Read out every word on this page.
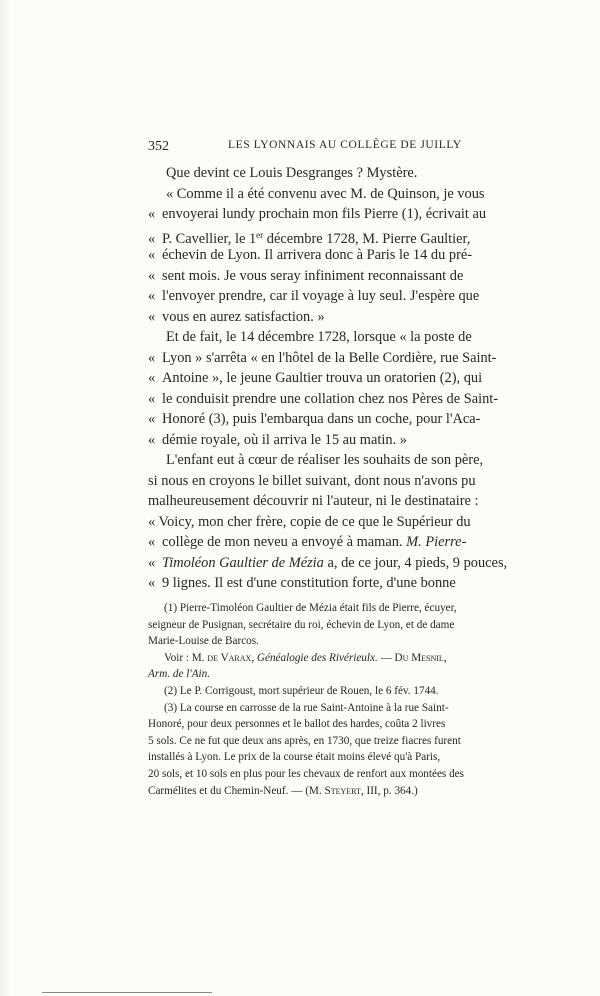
352	LES LYONNAIS AU COLLÈGE DE JUILLY
Que devint ce Louis Desgranges ? Mystère.
« Comme il a été convenu avec M. de Quinson, je vous
« envoyerai lundy prochain mon fils Pierre (1), écrivait au
« P. Cavellier, le 1er décembre 1728, M. Pierre Gaultier,
« échevin de Lyon. Il arrivera donc à Paris le 14 du pré-
« sent mois. Je vous seray infiniment reconnaissant de
« l'envoyer prendre, car il voyage à luy seul. J'espère que
« vous en aurez satisfaction. »
Et de fait, le 14 décembre 1728, lorsque « la poste de
« Lyon » s'arrêta « en l'hôtel de la Belle Cordière, rue Saint-
« Antoine », le jeune Gaultier trouva un oratorien (2), qui
« le conduisit prendre une collation chez nos Pères de Saint-
« Honoré (3), puis l'embarqua dans un coche, pour l'Aca-
« démie royale, où il arriva le 15 au matin. »
L'enfant eut à cœur de réaliser les souhaits de son père,
si nous en croyons le billet suivant, dont nous n'avons pu
malheureusement découvrir ni l'auteur, ni le destinataire :
« Voicy, mon cher frère, copie de ce que le Supérieur du
« collège de mon neveu a envoyé à maman. M. Pierre-
« Timoléon Gaultier de Mézia a, de ce jour, 4 pieds, 9 pouces,
« 9 lignes. Il est d'une constitution forte, d'une bonne
(1) Pierre-Timoléon Gaultier de Mézia était fils de Pierre, écuyer,
seigneur de Pusignan, secrétaire du roi, échevin de Lyon, et de dame
Marie-Louise de Barcos.
Voir : M. de Varax, Généalogie des Rivérieulx. — Du Mesnil,
Arm. de l'Ain.
(2) Le P. Corrigoust, mort supérieur de Rouen, le 6 fév. 1744.
(3) La course en carrosse de la rue Saint-Antoine à la rue Saint-
Honoré, pour deux personnes et le ballot des hardes, coûta 2 livres
5 sols. Ce ne fut que deux ans après, en 1730, que treize fiacres furent
installés à Lyon. Le prix de la course était moins élevé qu'à Paris,
20 sols, et 10 sols en plus pour les chevaux de renfort aux montées des
Carmélites et du Chemin-Neuf. — (M. Steyert, III, p. 364.)
